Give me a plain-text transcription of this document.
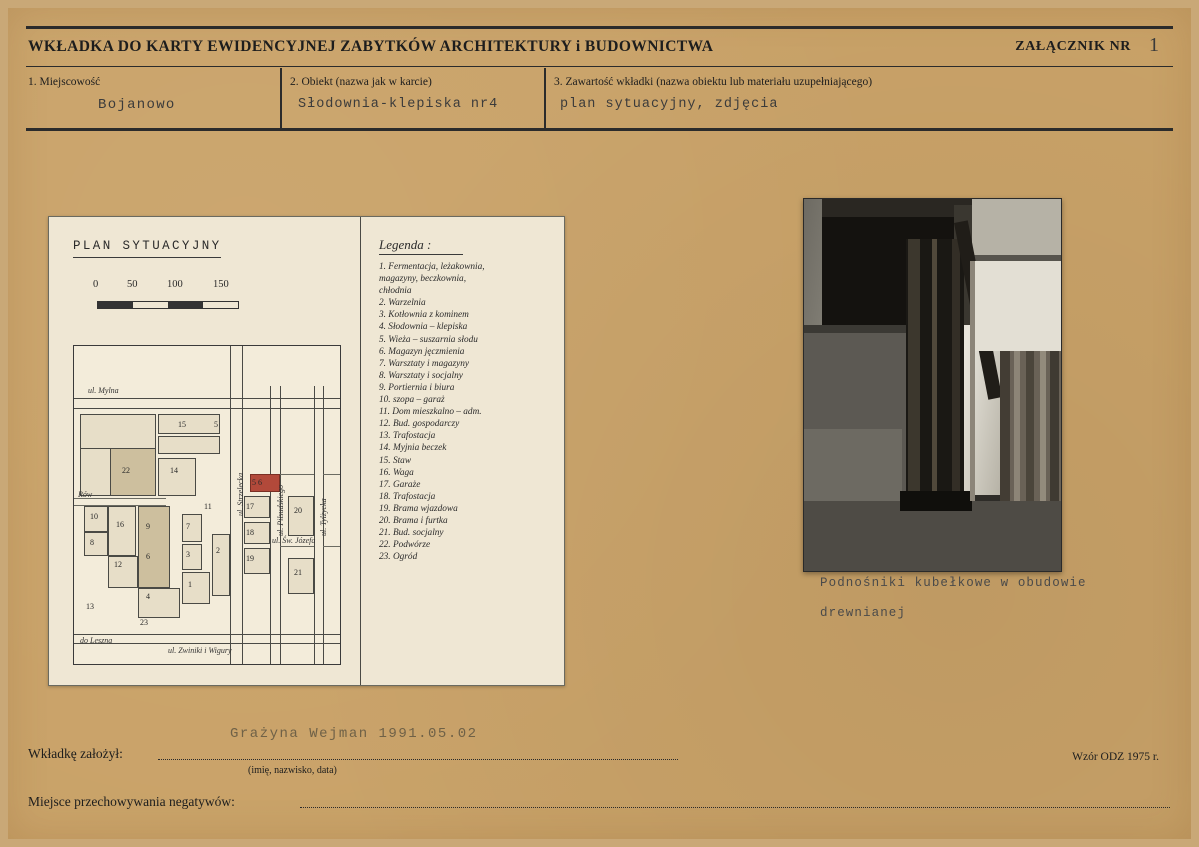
WKŁADKA DO KARTY EWIDENCYJNEJ ZABYTKÓW ARCHITEKTURY i BUDOWNICTWA	ZAŁĄCZNIK NR 1
1. Miejscowość
Bojanowo
2. Obiekt (nazwa jak w karcie)
Słodownia-klepiska nr4
3. Zawartość wkładki (nazwa obiektu lub materiału uzupełniającego)
plan sytuacyjny, zdjęcia
PLAN SYTUACYJNY
0	50	100	150
15	5
22	14
10
8
16
12
9
6
4
7
3
1
2
23
5 6
17
18
19
20
21
13
11
ul. Mylna
ul. Strzelecka	ul. Piłsudskiego	ul. Tylżycka
ul. Św. Józefa
do Leszna
ul. Zwiniki i Wigury
Rów
Legenda :
1. Fermentacja, leżakownia,
magazyny, beczkownia,
chłodnia
2. Warzelnia
3. Kotłownia z kominem
4. Słodownia – klepiska
5. Wieża – suszarnia słodu
6. Magazyn jęczmienia
7. Warsztaty i magazyny
8. Warsztaty i socjalny
9. Portiernia i biura
10. szopa – garaż
11. Dom mieszkalno – adm.
12. Bud. gospodarczy
13. Trafostacja
14. Myjnia beczek
15. Staw
16. Waga
17. Garaże
18. Trafostacja
19. Brama wjazdowa
20. Brama i furtka
21. Bud. socjalny
22. Podwórze
23. Ogród
Podnośniki kubełkowe w obudowie
drewnianej
Grażyna Wejman 1991.05.02
Wkładkę założył:
(imię, nazwisko, data)
Miejsce przechowywania negatywów:
Wzór ODZ 1975 r.
